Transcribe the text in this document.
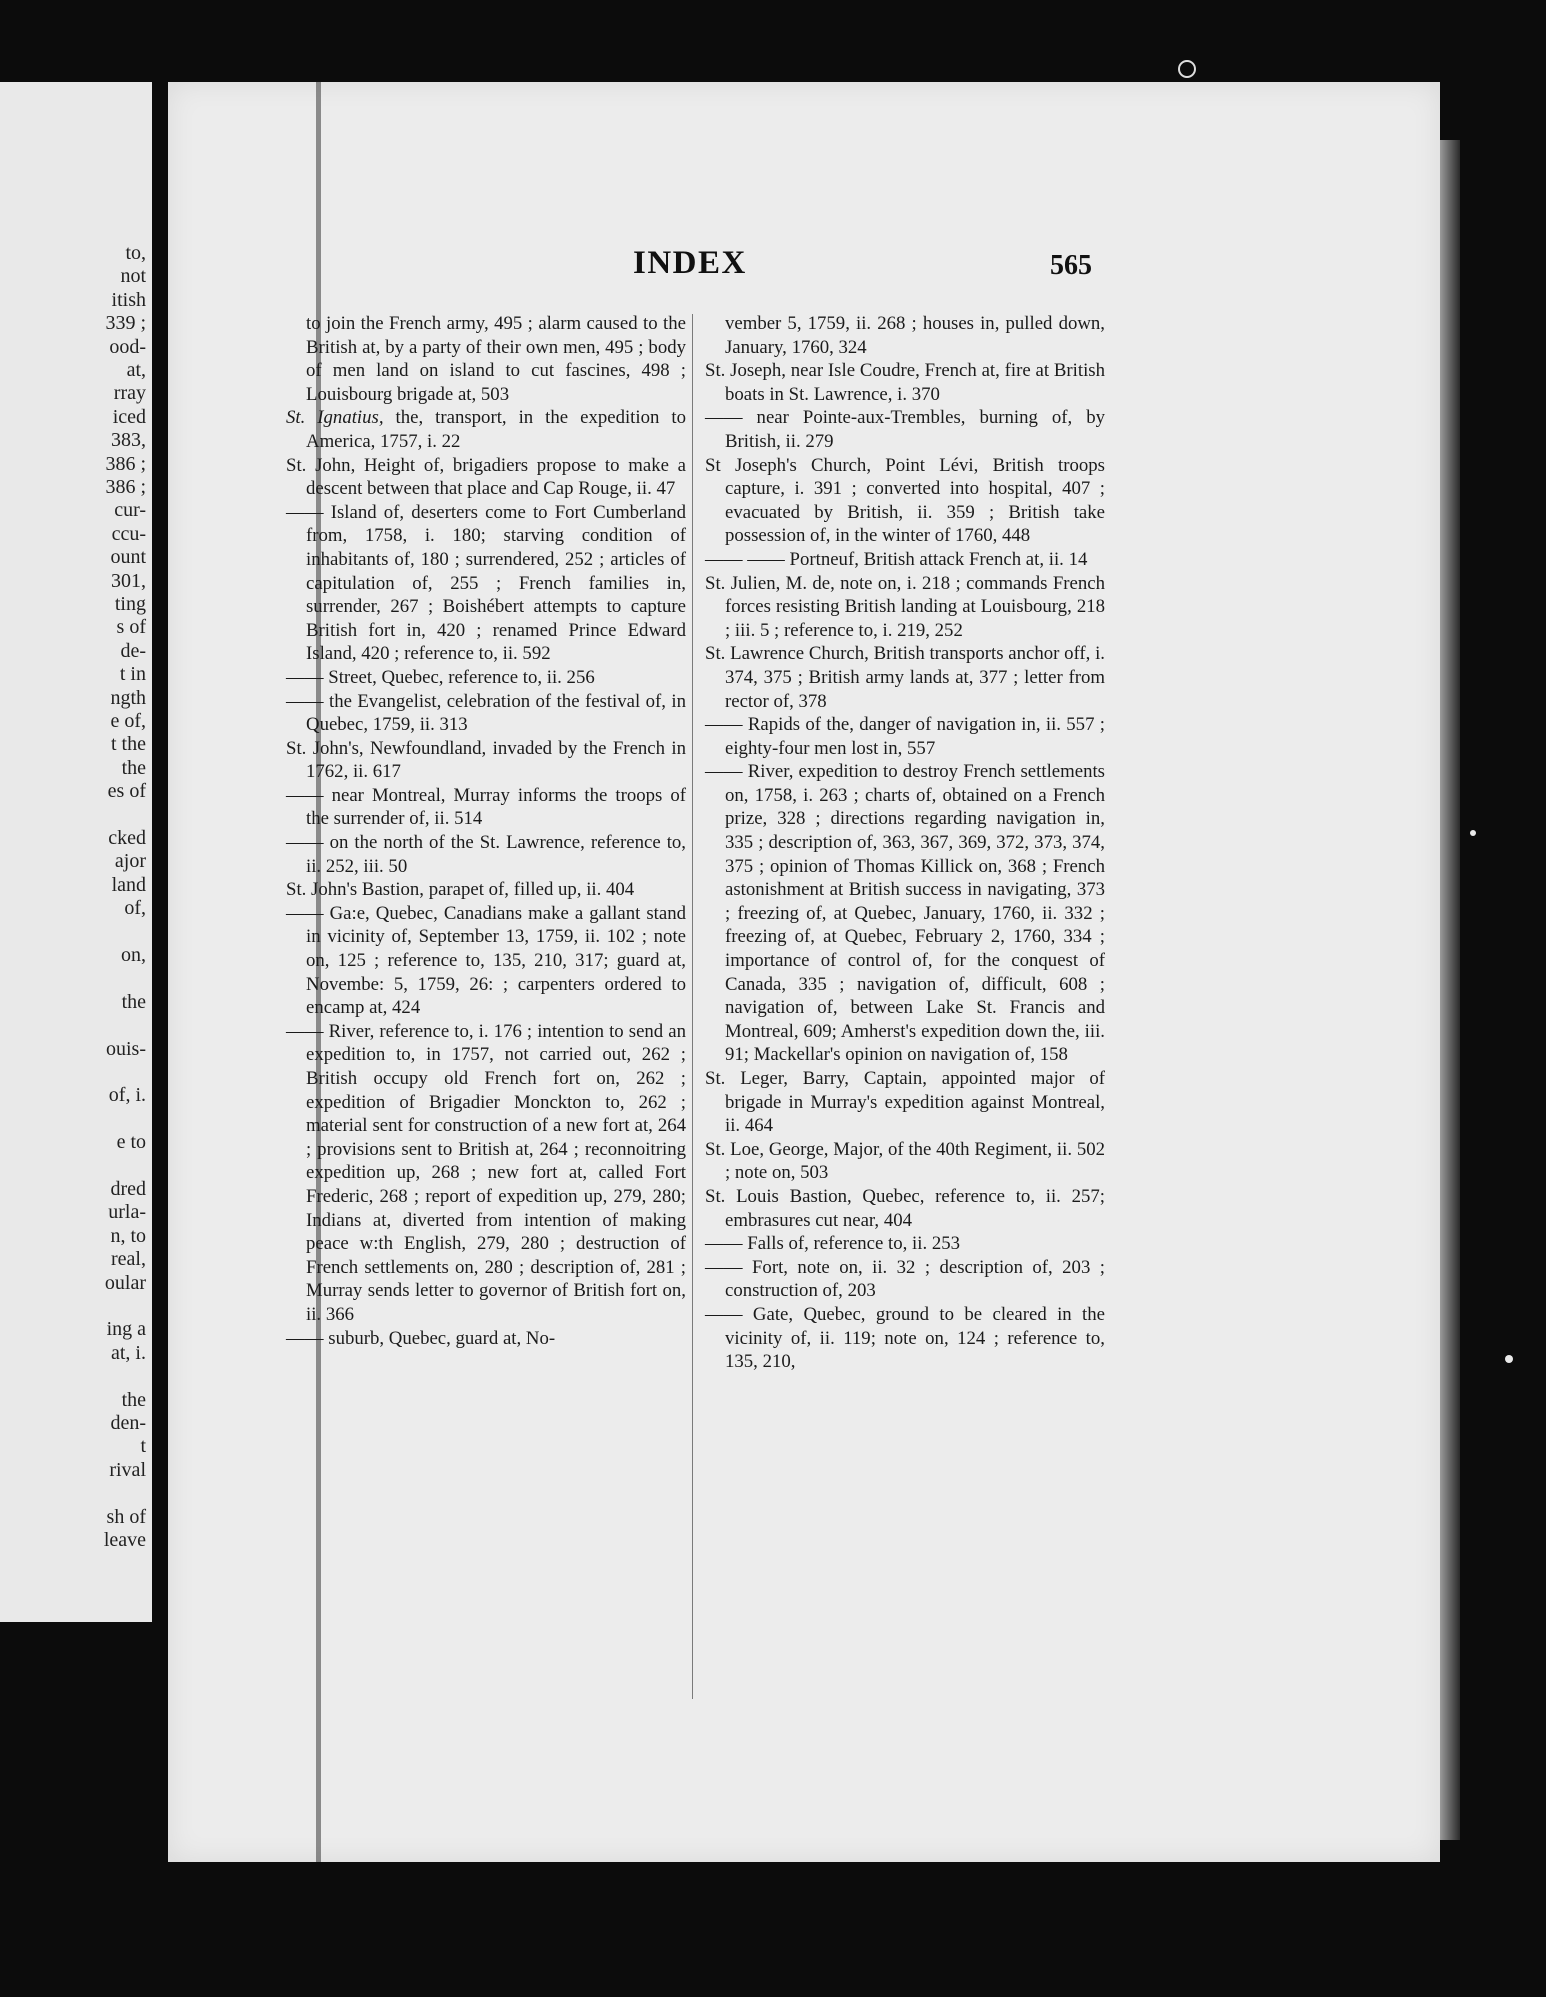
to,
not
itish
339 ;
ood-
at,
rray
iced
383,
386 ;
386 ;
cur-
ccu-
ount
301,
ting
s of
de-
t in
ngth
e of,
t the
the
es of
cked
ajor
land
of,
on,
the
ouis-
of, i.
e to
dred
urla-
n, to
real,
oular
ing a
at, i.
the
den-
t
rival
sh of
leave
INDEX	565

to join the French army, 495 ; alarm caused to the British at, by a party of their own men, 495 ; body of men land on island to cut fascines, 498 ; Louisbourg brigade at, 503

St. Ignatius, the, transport, in the expedition to America, 1757, i. 22

St. John, Height of, brigadiers propose to make a descent between that place and Cap Rouge, ii. 47

—— Island of, deserters come to Fort Cumberland from, 1758, i. 180; starving condition of inhabitants of, 180 ; surrendered, 252 ; articles of capitulation of, 255 ; French families in, surrender, 267 ; Boishébert attempts to capture British fort in, 420 ; renamed Prince Edward Island, 420 ; reference to, ii. 592

—— Street, Quebec, reference to, ii. 256

—— the Evangelist, celebration of the festival of, in Quebec, 1759, ii. 313

St. John's, Newfoundland, invaded by the French in 1762, ii. 617

—— near Montreal, Murray informs the troops of the surrender of, ii. 514

—— on the north of the St. Lawrence, reference to, ii. 252, iii. 50

St. John's Bastion, parapet of, filled up, ii. 404

—— Ga:e, Quebec, Canadians make a gallant stand in vicinity of, September 13, 1759, ii. 102 ; note on, 125 ; reference to, 135, 210, 317; guard at, Novembe: 5, 1759, 26: ; carpenters ordered to encamp at, 424

—— River, reference to, i. 176 ; intention to send an expedition to, in 1757, not carried out, 262 ; British occupy old French fort on, 262 ; expedition of Brigadier Monckton to, 262 ; material sent for construction of a new fort at, 264 ; provisions sent to British at, 264 ; reconnoitring expedition up, 268 ; new fort at, called Fort Frederic, 268 ; report of expedition up, 279, 280; Indians at, diverted from intention of making peace w:th English, 279, 280 ; destruction of French settlements on, 280 ; description of, 281 ; Murray sends letter to governor of British fort on, ii. 366

—— suburb, Quebec, guard at, No-

vember 5, 1759, ii. 268 ; houses in, pulled down, January, 1760, 324

St. Joseph, near Isle Coudre, French at, fire at British boats in St. Lawrence, i. 370

—— near Pointe-aux-Trembles, burning of, by British, ii. 279

St Joseph's Church, Point Lévi, British troops capture, i. 391 ; converted into hospital, 407 ; evacuated by British, ii. 359 ; British take possession of, in the winter of 1760, 448

—— —— Portneuf, British attack French at, ii. 14

St. Julien, M. de, note on, i. 218 ; commands French forces resisting British landing at Louisbourg, 218 ; iii. 5 ; reference to, i. 219, 252

St. Lawrence Church, British transports anchor off, i. 374, 375 ; British army lands at, 377 ; letter from rector of, 378

—— Rapids of the, danger of navigation in, ii. 557 ; eighty-four men lost in, 557

—— River, expedition to destroy French settlements on, 1758, i. 263 ; charts of, obtained on a French prize, 328 ; directions regarding navigation in, 335 ; description of, 363, 367, 369, 372, 373, 374, 375 ; opinion of Thomas Killick on, 368 ; French astonishment at British success in navigating, 373 ; freezing of, at Quebec, January, 1760, ii. 332 ; freezing of, at Quebec, February 2, 1760, 334 ; importance of control of, for the conquest of Canada, 335 ; navigation of, difficult, 608 ; navigation of, between Lake St. Francis and Montreal, 609; Amherst's expedition down the, iii. 91; Mackellar's opinion on navigation of, 158

St. Leger, Barry, Captain, appointed major of brigade in Murray's expedition against Montreal, ii. 464

St. Loe, George, Major, of the 40th Regiment, ii. 502 ; note on, 503

St. Louis Bastion, Quebec, reference to, ii. 257; embrasures cut near, 404

—— Falls of, reference to, ii. 253

—— Fort, note on, ii. 32 ; description of, 203 ; construction of, 203

—— Gate, Quebec, ground to be cleared in the vicinity of, ii. 119; note on, 124 ; reference to, 135, 210,
